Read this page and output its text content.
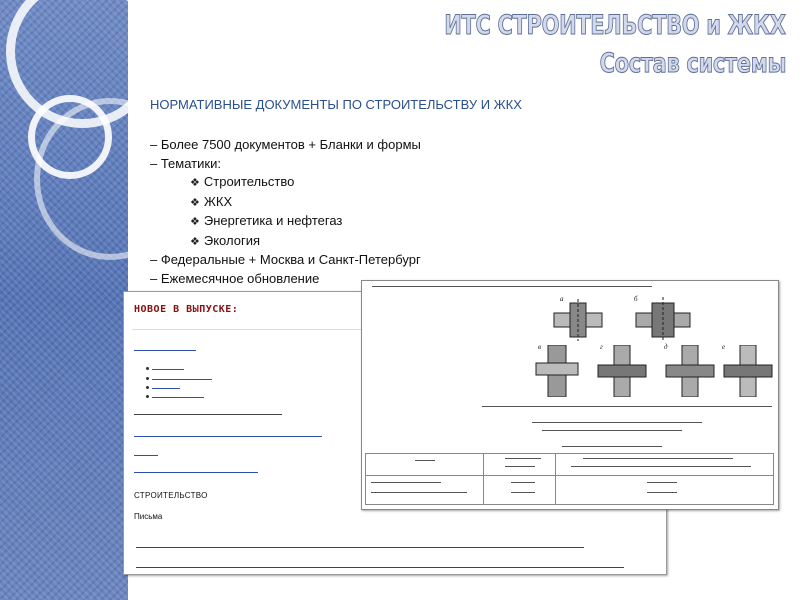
ИТС СТРОИТЕЛЬСТВО и ЖКХ
Состав системы
НОРМАТИВНЫЕ ДОКУМЕНТЫ ПО СТРОИТЕЛЬСТВУ И ЖКХ
– Более 7500 документов + Бланки и формы
– Тематики:
❖ Строительство
❖ ЖКХ
❖ Энергетика и нефтегаз
❖ Экология
– Федеральные + Москва и Санкт-Петербург
– Ежемесячное обновление
НОВОЕ В ВЫПУСКЕ:

СТРОИТЕЛЬСТВО

Письма
а	б
в	г	д	е
